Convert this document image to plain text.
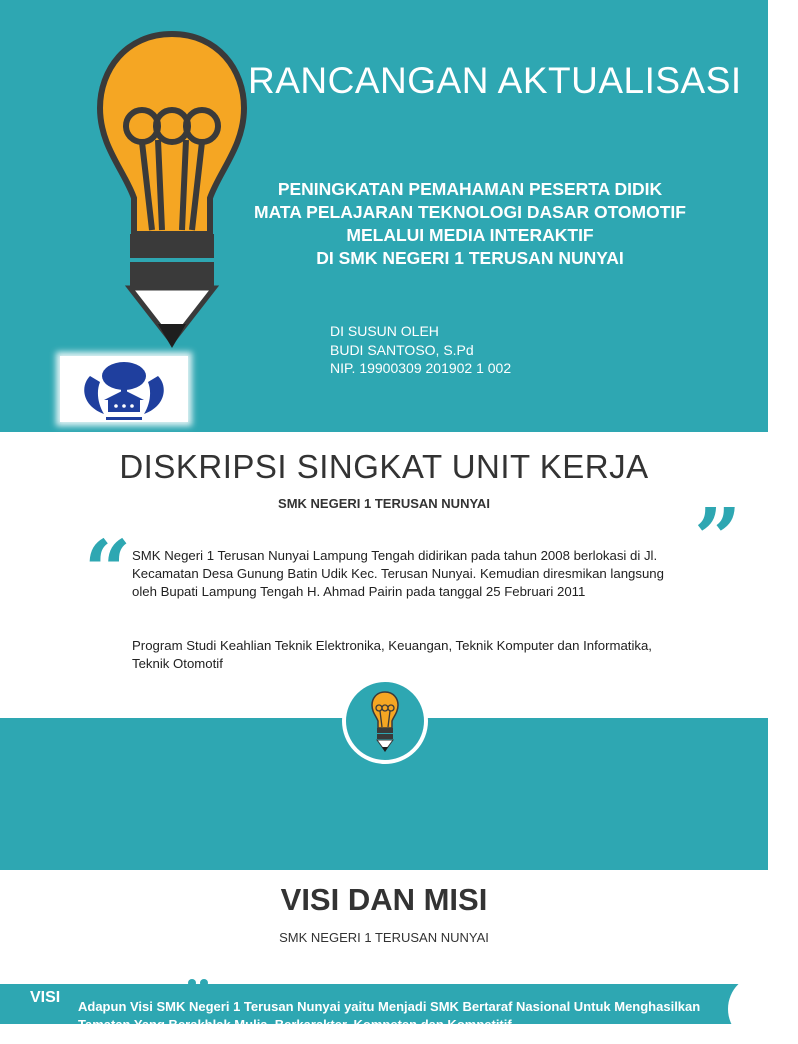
RANCANGAN AKTUALISASI
PENINGKATAN PEMAHAMAN PESERTA DIDIK
MATA PELAJARAN TEKNOLOGI DASAR OTOMOTIF
MELALUI MEDIA INTERAKTIF
DI SMK NEGERI 1 TERUSAN NUNYAI
DI SUSUN OLEH
BUDI SANTOSO, S.Pd
NIP. 19900309 201902 1 002
DISKRIPSI SINGKAT UNIT KERJA
SMK NEGERI 1 TERUSAN NUNYAI
“	”

SMK Negeri 1 Terusan Nunyai Lampung Tengah didirikan pada tahun 2008 berlokasi di Jl. Kecamatan Desa Gunung Batin Udik Kec. Terusan Nunyai. Kemudian diresmikan langsung oleh Bupati Lampung Tengah H. Ahmad Pairin pada tanggal 25 Februari 2011

Program Studi Keahlian Teknik Elektronika, Keuangan, Teknik Komputer dan Informatika, Teknik Otomotif

VISI DAN MISI
SMK NEGERI 1 TERUSAN NUNYAI
VISI
Adapun Visi SMK Negeri 1 Terusan Nunyai yaitu Menjadi SMK Bertaraf Nasional Untuk Menghasilkan Tamatan Yang Berakhlak Mulia, Berkarakter, Kompeten dan Kompetitif
